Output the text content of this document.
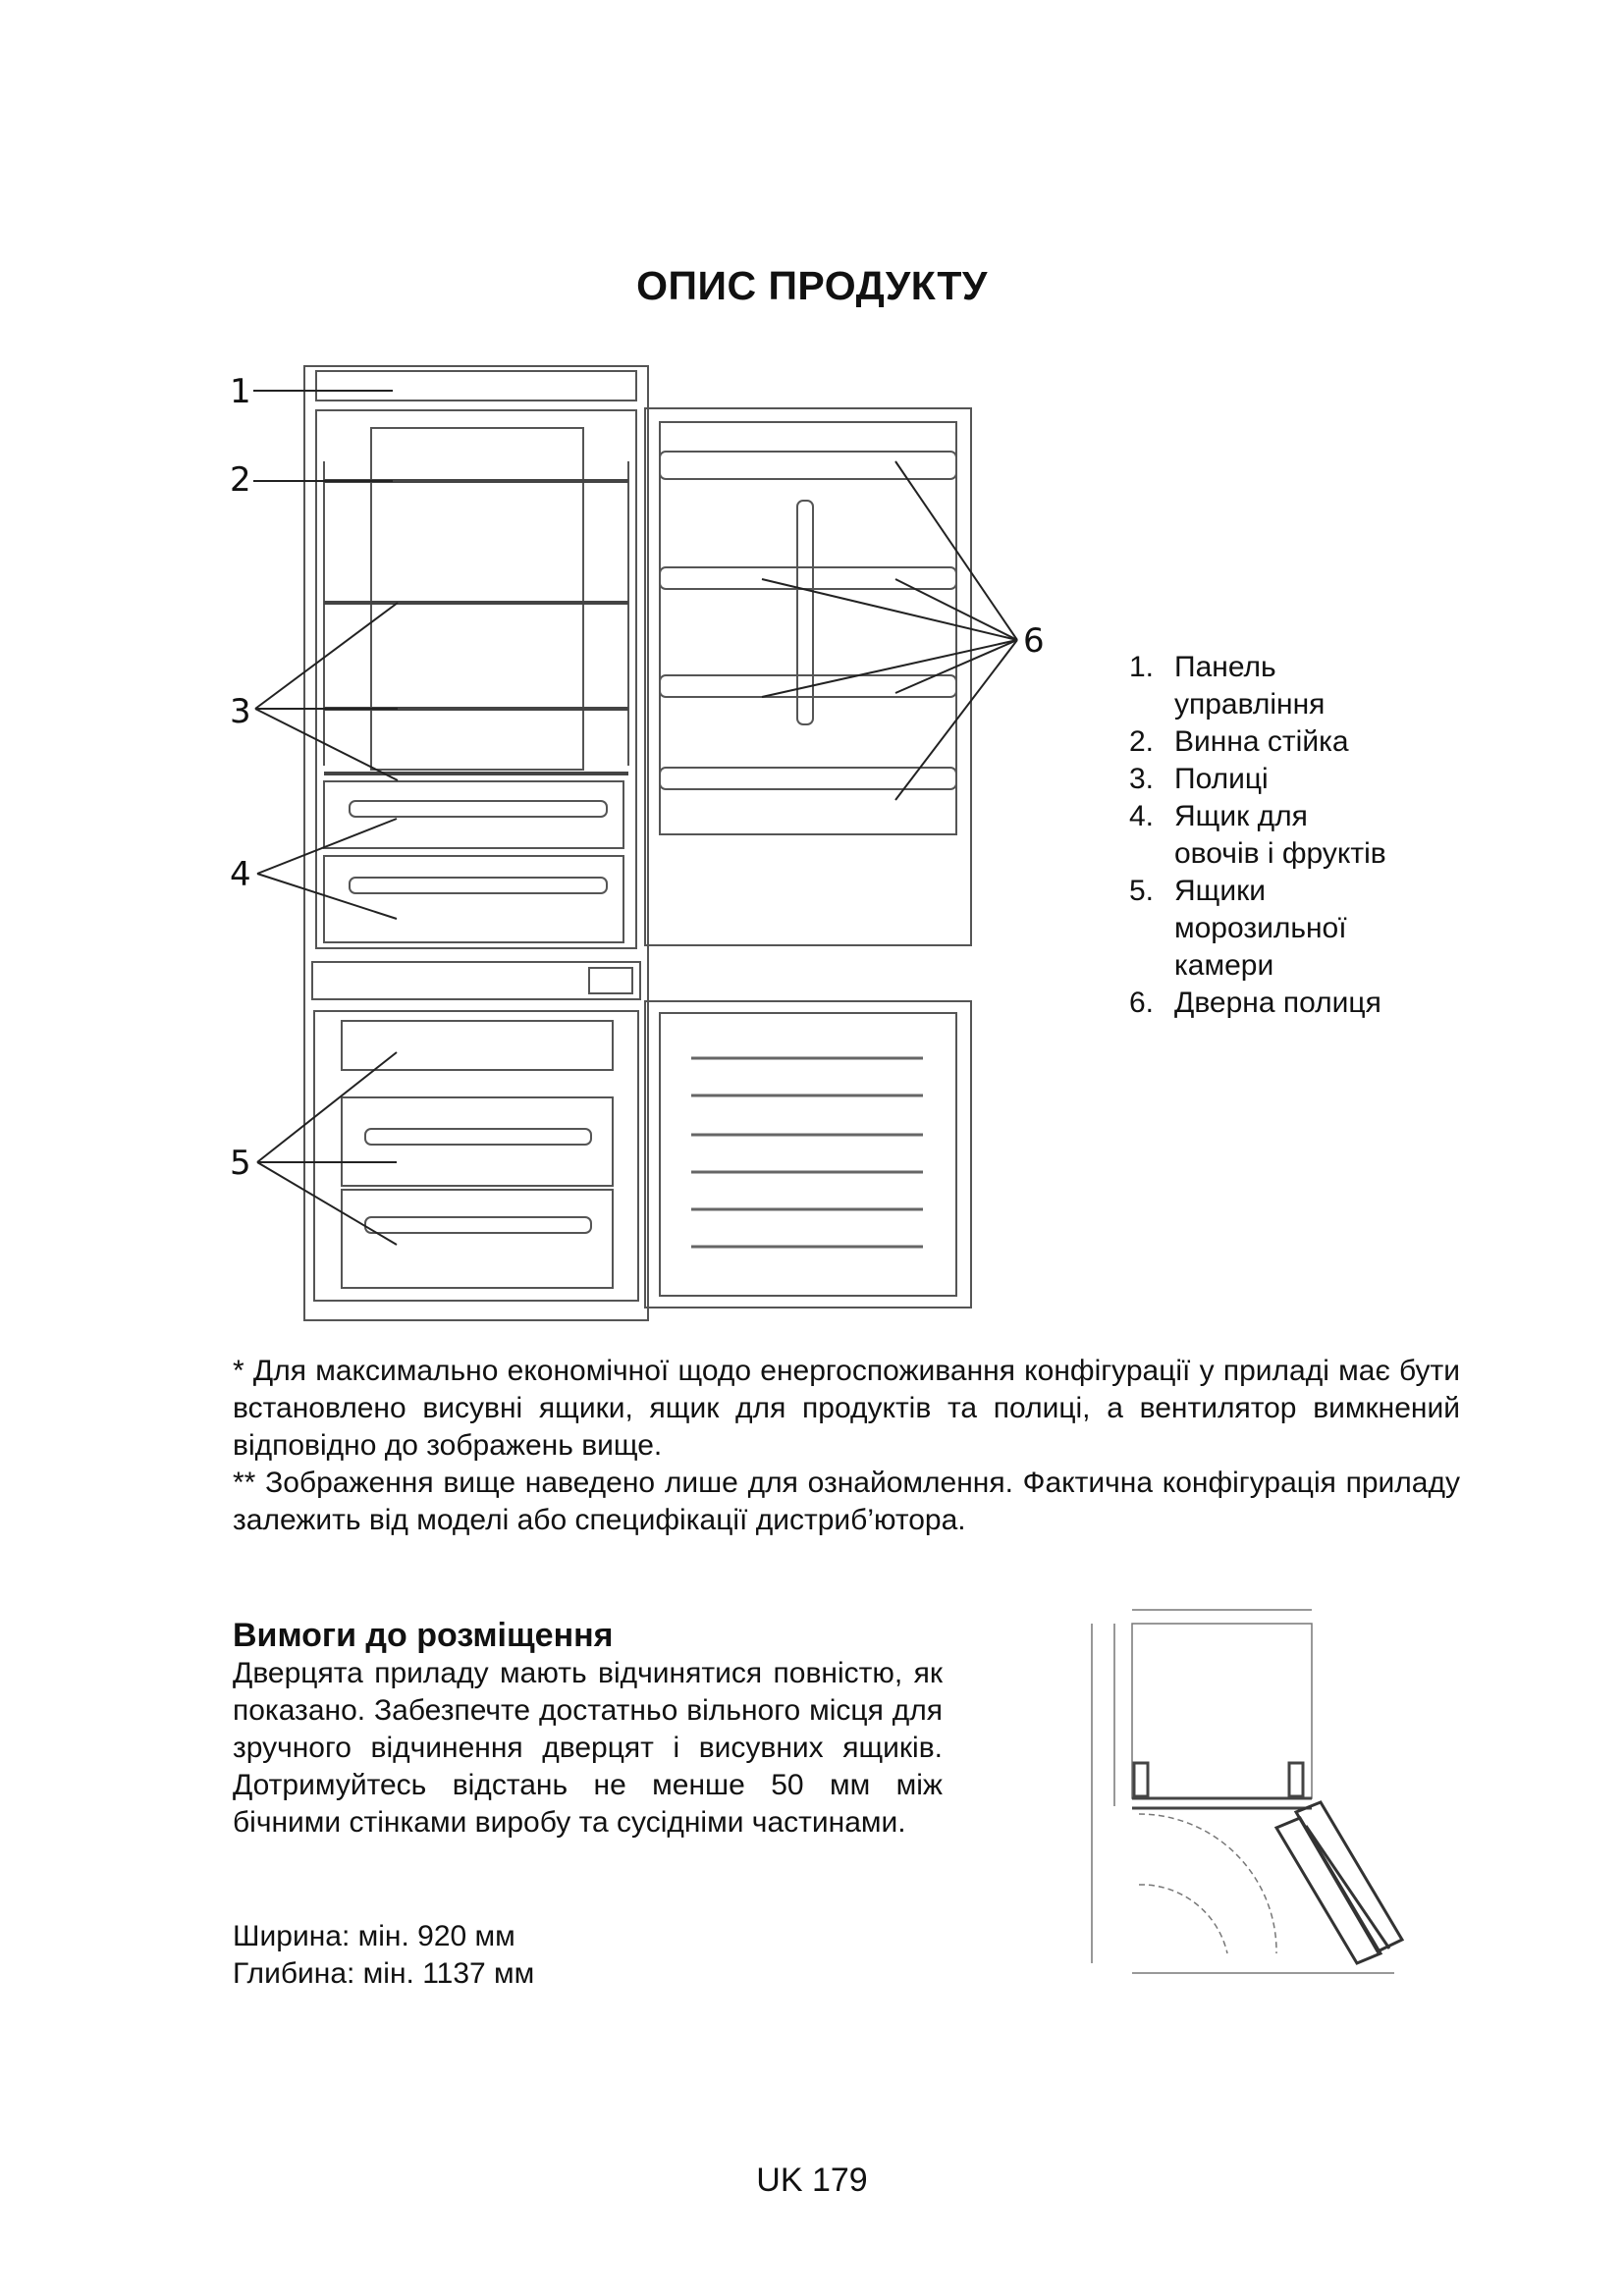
ОПИС ПРОДУКТУ
1
2
3
4
5
6
1. Панель управління
2. Винна стійка
3. Полиці
4. Ящик для овочів і фруктів
5. Ящики морозильної камери
6. Дверна полиця

* Для максимально економічної щодо енергоспоживання конфігурації у приладі має бути встановлено висувні ящики, ящик для продуктів та полиці, а вентилятор вимкнений відповідно до зображень вище.

** Зображення вище наведено лише для ознайомлення. Фактична конфігурація приладу залежить від моделі або специфікації дистриб’ютора.

Вимоги до розміщення

Дверцята приладу мають відчинятися повністю, як показано. Забезпечте достатньо вільного місця для зручного відчинення дверцят і висувних ящиків. Дотримуйтесь відстань не менше 50 мм між бічними стінками виробу та сусідніми частинами.

Ширина: мін. 920 мм
Глибина: мін. 1137 мм
UK 179
